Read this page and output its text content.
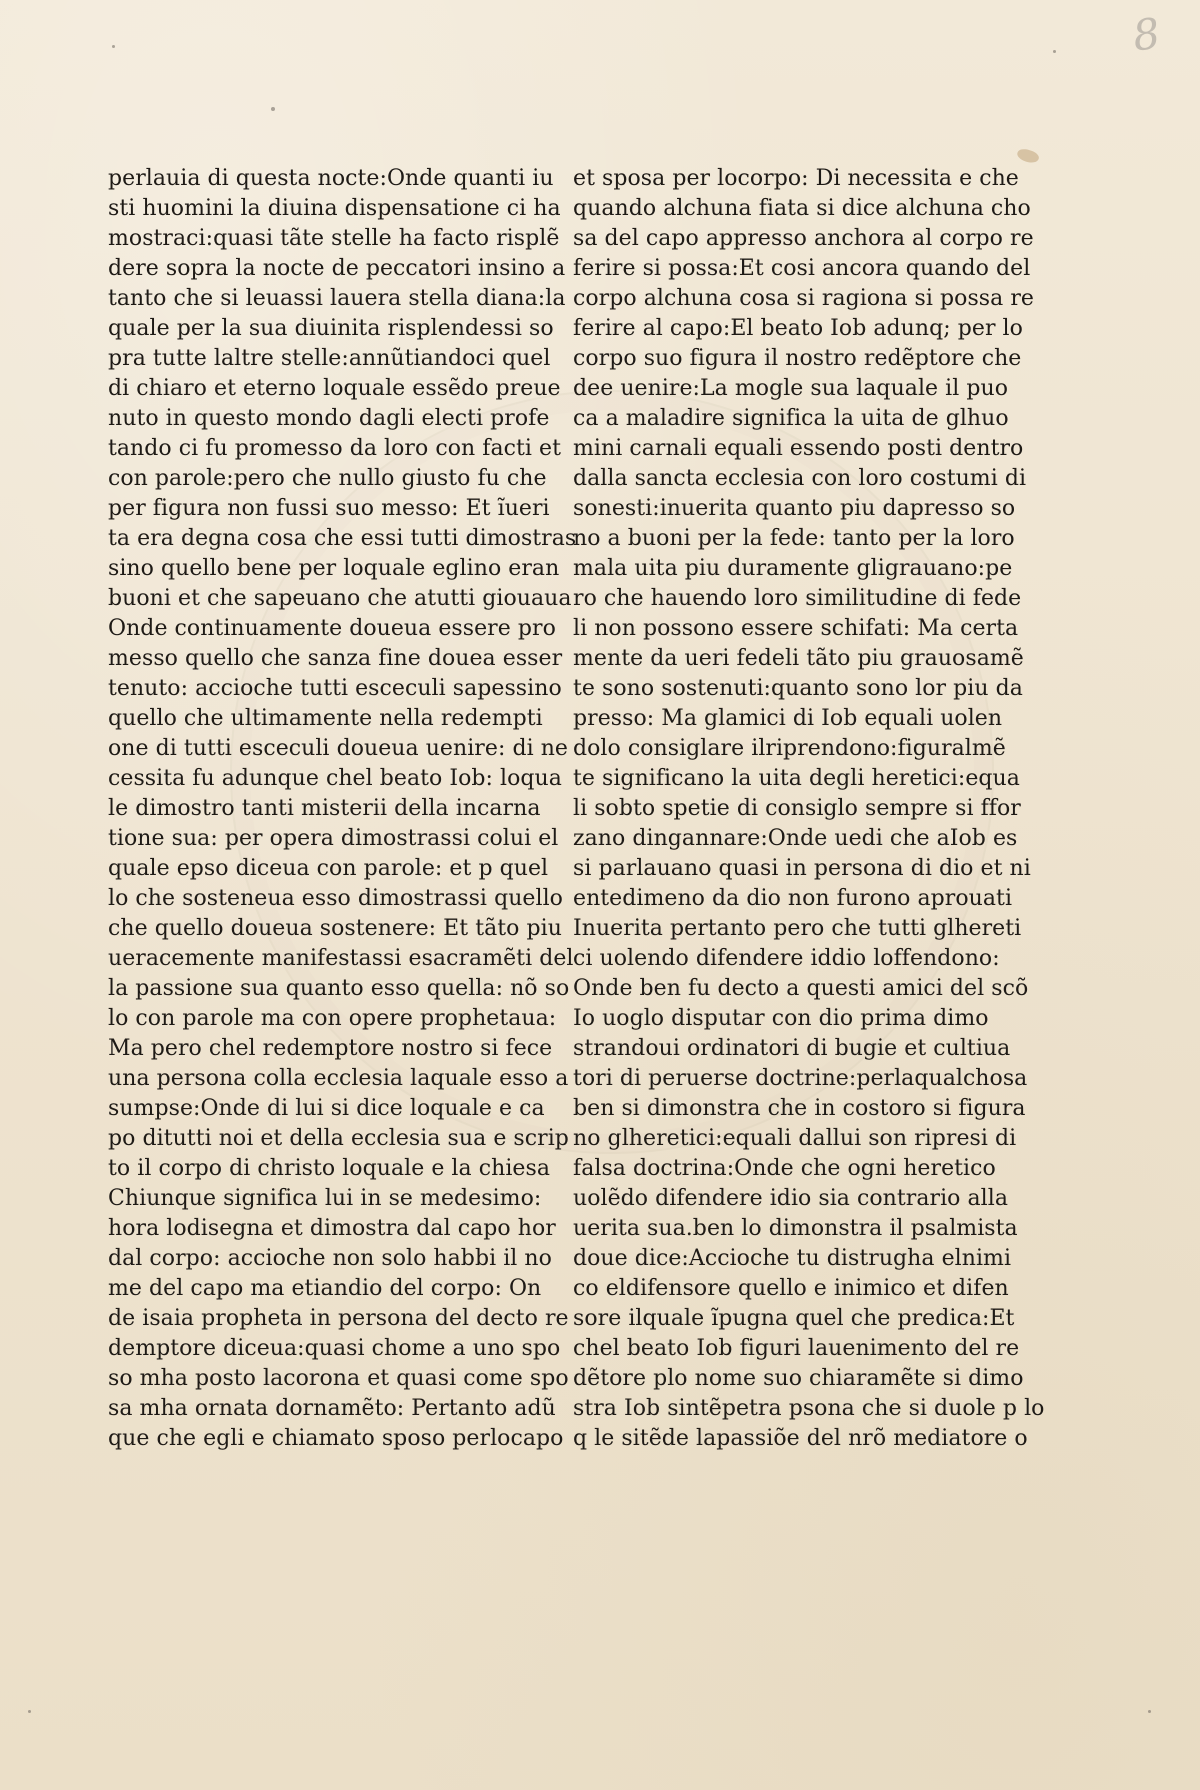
8
perlauia di questa nocte:Onde quanti iu
sti huomini la diuina dispensatione ci ha
mostraci:quasi tãte stelle ha facto risplẽ
dere sopra la nocte de peccatori insino a
tanto che si leuassi lauera stella diana:la
quale per la sua diuinita risplendessi so
pra tutte laltre stelle:annũtiandoci quel
di chiaro et eterno loquale essẽdo preue
nuto in questo mondo dagli electi profe
tando ci fu promesso da loro con facti et
con parole:pero che nullo giusto fu che
per figura non fussi suo messo: Et ĩueri
ta era degna cosa che essi tutti dimostras
sino quello bene per loquale eglino eran
buoni et che sapeuano che atutti giouaua
Onde continuamente doueua essere pro
messo quello che sanza fine douea esser
tenuto: accioche tutti esceculi sapessino
quello che ultimamente nella redempti
one di tutti esceculi doueua uenire: di ne
cessita fu adunque chel beato Iob: loqua
le dimostro tanti misterii della incarna
tione sua: per opera dimostrassi colui el
quale epso diceua con parole: et p quel
lo che sosteneua esso dimostrassi quello
che quello doueua sostenere: Et tãto piu
ueracemente manifestassi esacramẽti del
la passione sua quanto esso quella: nõ so
lo con parole ma con opere prophetaua:
Ma pero chel redemptore nostro si fece
una persona colla ecclesia laquale esso a
sumpse:Onde di lui si dice loquale e ca
po ditutti noi et della ecclesia sua e scrip
to il corpo di christo loquale e la chiesa
Chiunque significa lui in se medesimo:
hora lodisegna et dimostra dal capo hor
dal corpo: accioche non solo habbi il no
me del capo ma etiandio del corpo: On
de isaia propheta in persona del decto re
demptore diceua:quasi chome a uno spo
so mha posto lacorona et quasi come spo
sa mha ornata dornamẽto: Pertanto adũ
que che egli e chiamato sposo perlocapo
et sposa per locorpo: Di necessita e che
quando alchuna fiata si dice alchuna cho
sa del capo appresso anchora al corpo re
ferire si possa:Et cosi ancora quando del
corpo alchuna cosa si ragiona si possa re
ferire al capo:El beato Iob adunq; per lo
corpo suo figura il nostro redẽptore che
dee uenire:La mogle sua laquale il puo
ca a maladire significa la uita de glhuo
mini carnali equali essendo posti dentro
dalla sancta ecclesia con loro costumi di
sonesti:inuerita quanto piu dapresso so
no a buoni per la fede: tanto per la loro
mala uita piu duramente gligrauano:pe
ro che hauendo loro similitudine di fede
li non possono essere schifati: Ma certa
mente da ueri fedeli tãto piu grauosamẽ
te sono sostenuti:quanto sono lor piu da
presso: Ma glamici di Iob equali uolen
dolo consiglare ilriprendono:figuralmẽ
te significano la uita degli heretici:equa
li sobto spetie di consiglo sempre si ffor
zano dingannare:Onde uedi che aIob es
si parlauano quasi in persona di dio et ni
entedimeno da dio non furono aprouati
Inuerita pertanto pero che tutti glhereti
ci uolendo difendere iddio loffendono:
Onde ben fu decto a questi amici del scõ
Io uoglo disputar con dio prima dimo
strandoui ordinatori di bugie et cultiua
tori di peruerse doctrine:perlaqualchosa
ben si dimonstra che in costoro si figura
no glheretici:equali dallui son ripresi di
falsa doctrina:Onde che ogni heretico
uolẽdo difendere idio sia contrario alla
uerita sua.ben lo dimonstra il psalmista
doue dice:Accioche tu distrugha elnimi
co eldifensore quello e inimico et difen
sore ilquale ĩpugna quel che predica:Et
chel beato Iob figuri lauenimento del re
dẽtore plo nome suo chiaramẽte si dimo
stra Iob sintẽpetra psona che si duole p lo
q le sitẽde lapassiõe del nrõ mediatore o
